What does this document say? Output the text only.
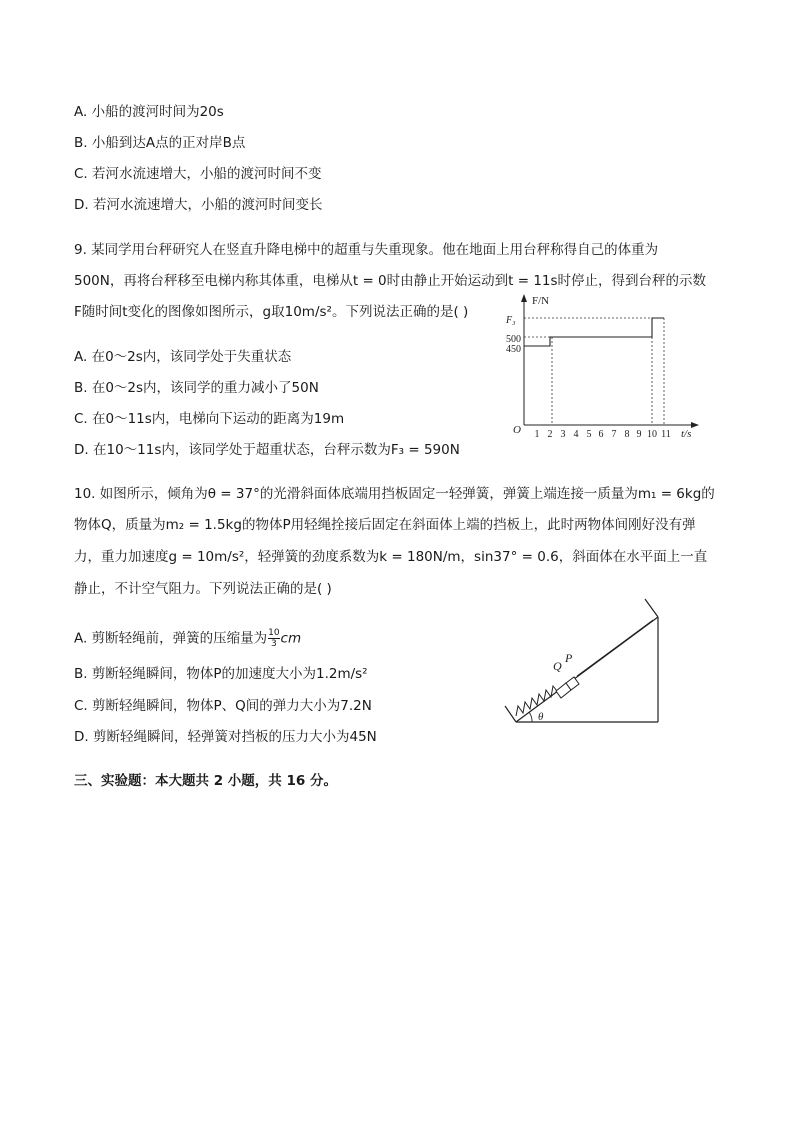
A. 小船的渡河时间为20s
B. 小船到达A点的正对岸B点
C. 若河水流速增大，小船的渡河时间不变
D. 若河水流速增大，小船的渡河时间变长
9. 某同学用台秤研究人在竖直升降电梯中的超重与失重现象。他在地面上用台秤称得自己的体重为
500N，再将台秤移至电梯内称其体重，电梯从t = 0时由静止开始运动到t = 11s时停止，得到台秤的示数
F随时间t变化的图像如图所示，g取10m/s²。下列说法正确的是( )
A. 在0～2s内，该同学处于失重状态
B. 在0～2s内，该同学的重力减小了50N
C. 在0～11s内，电梯向下运动的距离为19m
D. 在10～11s内，该同学处于超重状态，台秤示数为F₃ = 590N
F/N
t/s
O
F₃
500
450
1 2 3 4 5 6 7 8 9 10 11
10. 如图所示，倾角为θ = 37°的光滑斜面体底端用挡板固定一轻弹簧，弹簧上端连接一质量为m₁ = 6kg的
物体Q，质量为m₂ = 1.5kg的物体P用轻绳拴接后固定在斜面体上端的挡板上，此时两物体间刚好没有弹
力，重力加速度g = 10m/s²，轻弹簧的劲度系数为k = 180N/m，sin37° = 0.6，斜面体在水平面上一直
静止，不计空气阻力。下列说法正确的是( )
A. 剪断轻绳前，弹簧的压缩量为 $\frac{10}{3}$ cm
B. 剪断轻绳瞬间，物体P的加速度大小为1.2m/s²
C. 剪断轻绳瞬间，物体P、Q间的弹力大小为7.2N
D. 剪断轻绳瞬间，轻弹簧对挡板的压力大小为45N
Q
P
θ
三、实验题：本大题共 2 小题，共 16 分。
